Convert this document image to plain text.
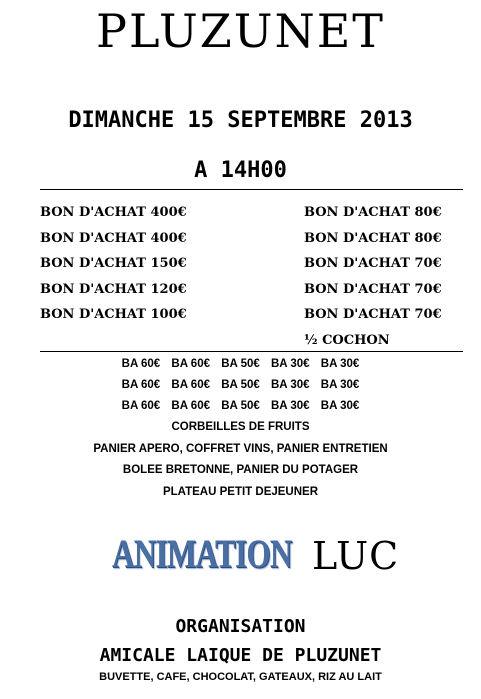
PLUZUNET
DIMANCHE 15 SEPTEMBRE 2013
A 14H00
BON D'ACHAT 400€
BON D'ACHAT 400€
BON D'ACHAT 150€
BON D'ACHAT 120€
BON D'ACHAT 100€
BON D'ACHAT 80€
BON D'ACHAT 80€
BON D'ACHAT 70€
BON D'ACHAT 70€
BON D'ACHAT 70€
½ COCHON
BA 60€ BA 60€ BA 50€ BA 30€ BA 30€
BA 60€ BA 60€ BA 50€ BA 30€ BA 30€
BA 60€ BA 60€ BA 50€ BA 30€ BA 30€
CORBEILLES DE FRUITS
PANIER APERO, COFFRET VINS, PANIER ENTRETIEN
BOLEE BRETONNE, PANIER DU POTAGER
PLATEAU PETIT DEJEUNER
ANIMATION LUC
ORGANISATION
AMICALE LAIQUE DE PLUZUNET
BUVETTE, CAFE, CHOCOLAT, GATEAUX, RIZ AU LAIT
